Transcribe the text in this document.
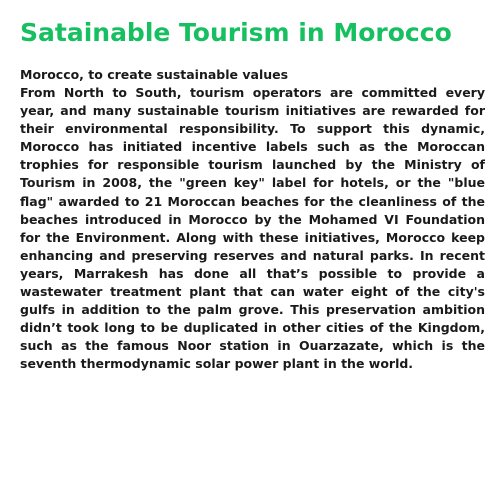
Satainable Tourism in Morocco

Morocco, to create sustainable values

From North to South, tourism operators are committed every year, and many sustainable tourism initiatives are rewarded for their environmental responsibility. To support this dynamic, Morocco has initiated incentive labels such as the Moroccan trophies for responsible tourism launched by the Ministry of Tourism in 2008, the "green key" label for hotels, or the "blue flag" awarded to 21 Moroccan beaches for the cleanliness of the beaches introduced in Morocco by the Mohamed VI Foundation for the Environment. Along with these initiatives, Morocco keep enhancing and preserving reserves and natural parks. In recent years, Marrakesh has done all that’s possible to provide a wastewater treatment plant that can water eight of the city's gulfs in addition to the palm grove. This preservation ambition didn’t took long to be duplicated in other cities of the Kingdom, such as the famous Noor station in Ouarzazate, which is the seventh thermodynamic solar power plant in the world.
